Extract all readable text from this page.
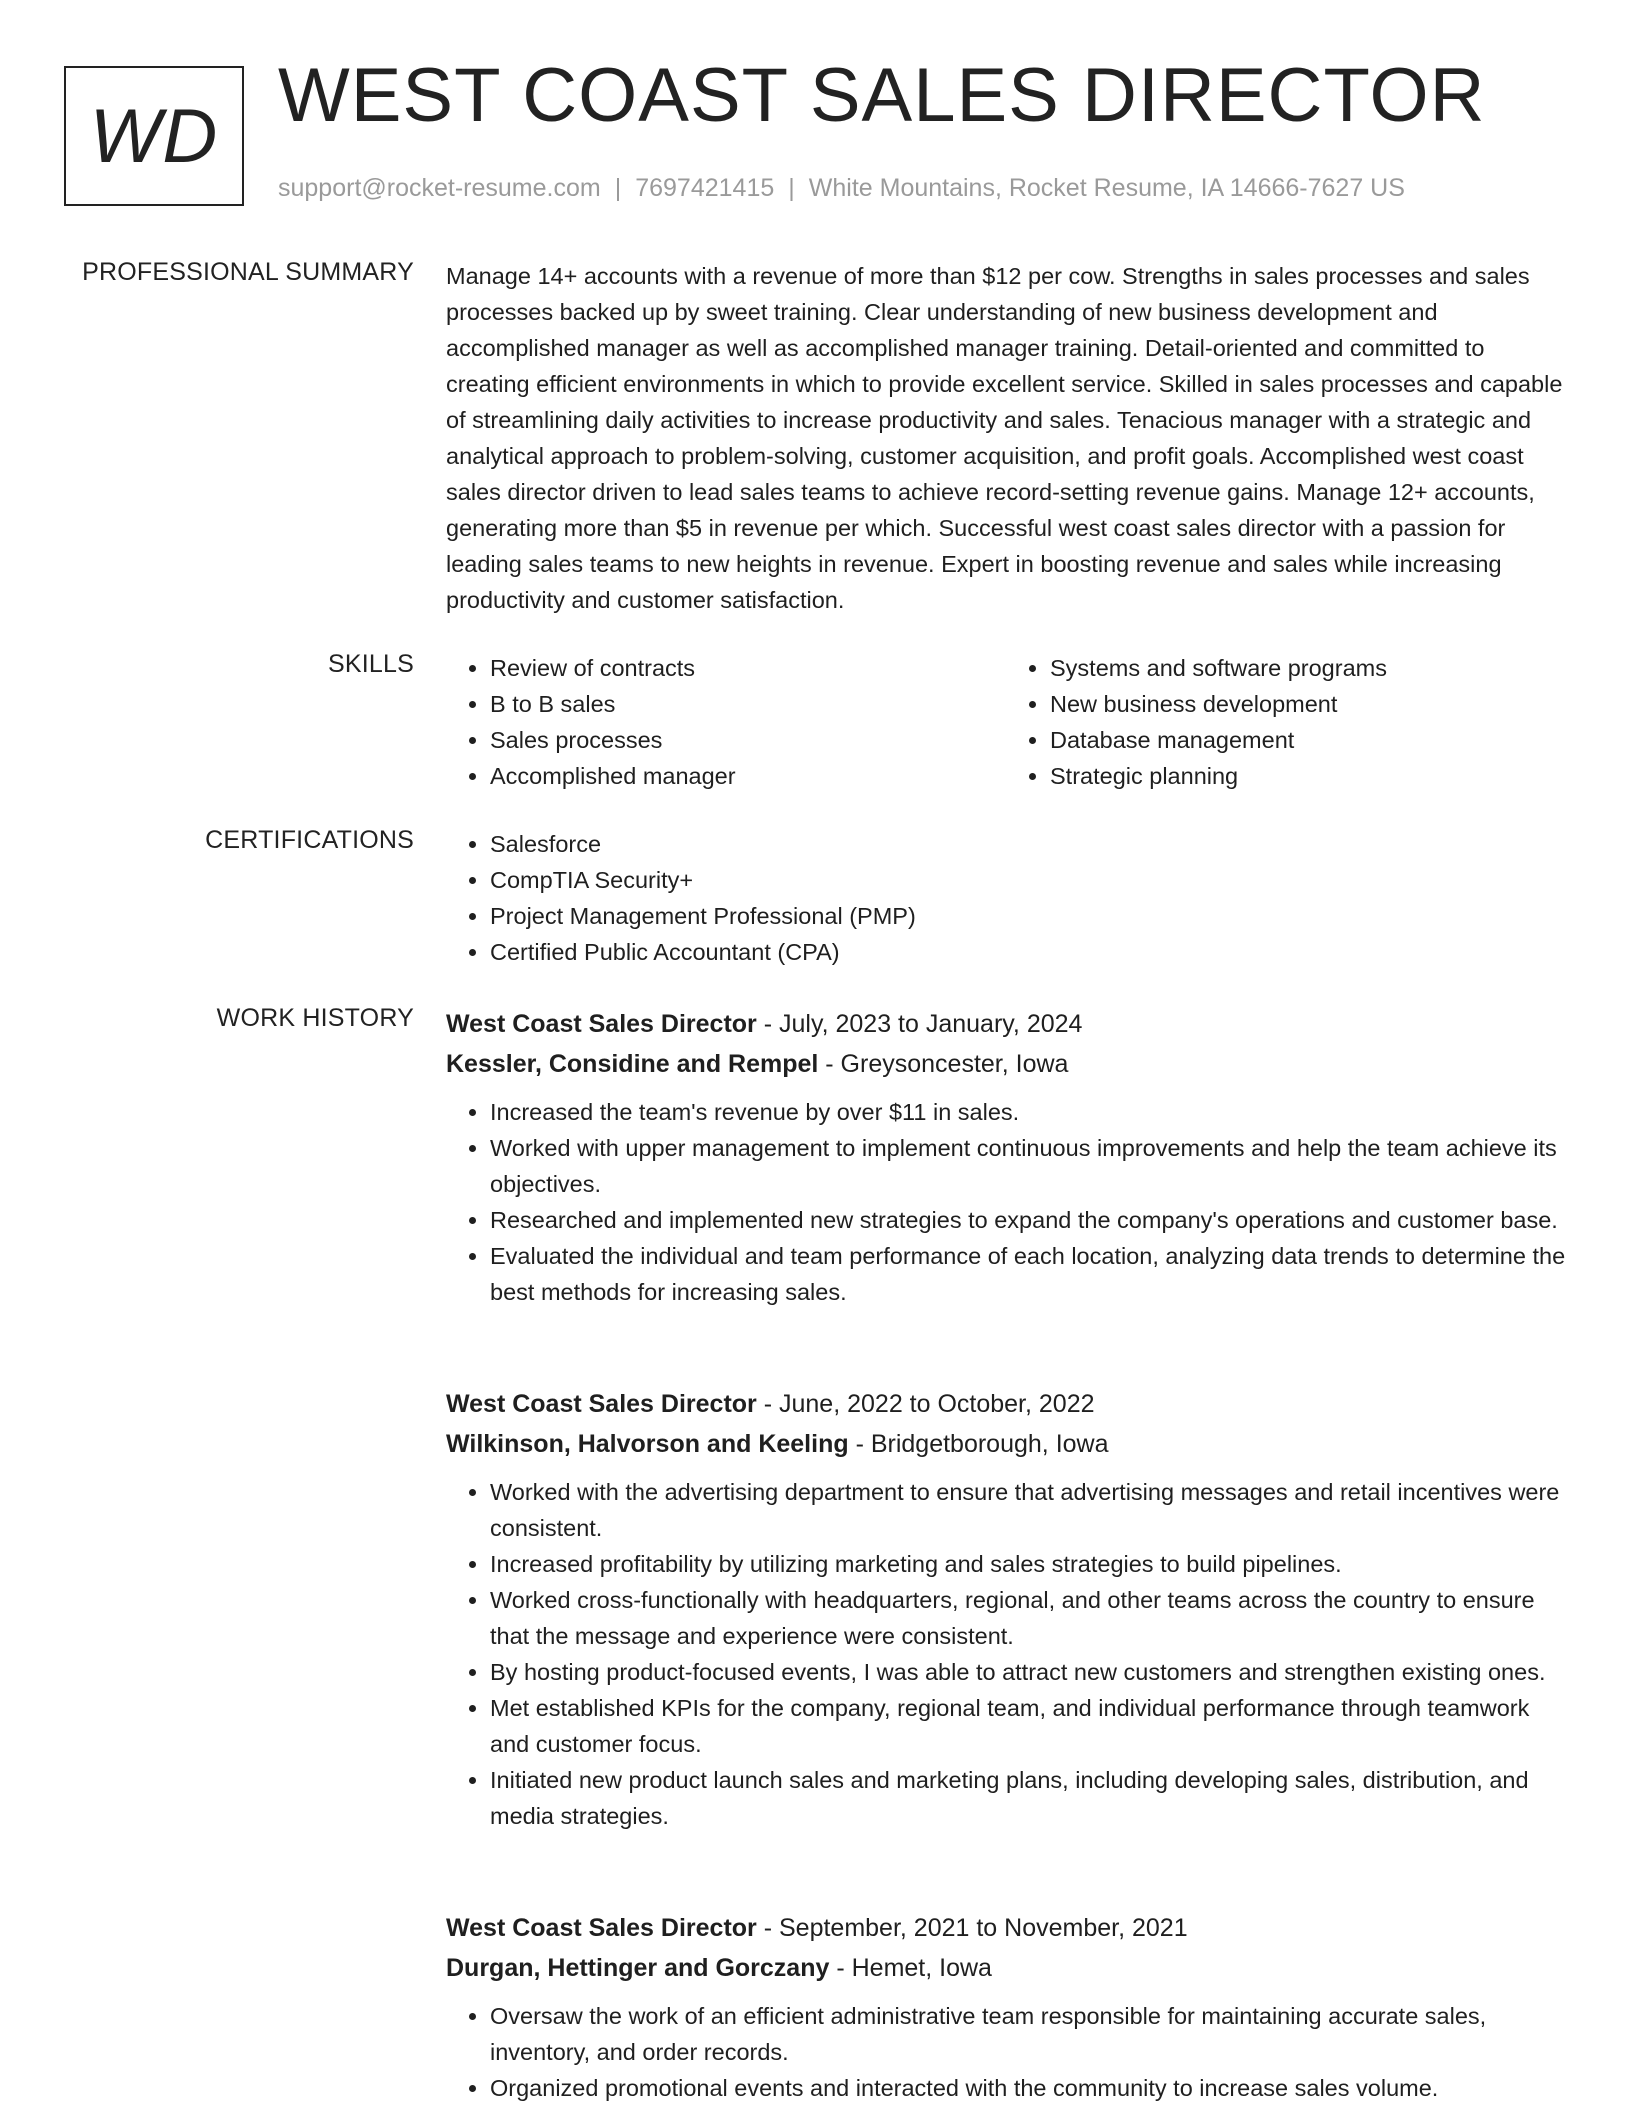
WD WEST COAST SALES DIRECTOR
support@rocket-resume.com | 7697421415 | White Mountains, Rocket Resume, IA 14666-7627 US
PROFESSIONAL SUMMARY Manage 14+ accounts with a revenue of more than $12 per cow. Strengths in sales processes and sales processes backed up by sweet training. Clear understanding of new business development and accomplished manager as well as accomplished manager training. Detail-oriented and committed to creating efficient environments in which to provide excellent service. Skilled in sales processes and capable of streamlining daily activities to increase productivity and sales. Tenacious manager with a strategic and analytical approach to problem-solving, customer acquisition, and profit goals. Accomplished west coast sales director driven to lead sales teams to achieve record-setting revenue gains. Manage 12+ accounts, generating more than $5 in revenue per which. Successful west coast sales director with a passion for leading sales teams to new heights in revenue. Expert in boosting revenue and sales while increasing productivity and customer satisfaction.

SKILLS	• Review of contracts
• B to B sales
• Sales processes
• Accomplished manager
• Systems and software programs
• New business development
• Database management
• Strategic planning
CERTIFICATIONS	• Salesforce
• CompTIA Security+
• Project Management Professional (PMP)
• Certified Public Accountant (CPA)
WORK HISTORY West Coast Sales Director - July, 2023 to January, 2024
Kessler, Considine and Rempel - Greysoncester, Iowa
• Increased the team's revenue by over $11 in sales.
• Worked with upper management to implement continuous improvements and help the team achieve its objectives.
• Researched and implemented new strategies to expand the company's operations and customer base.
• Evaluated the individual and team performance of each location, analyzing data trends to determine the best methods for increasing sales.
West Coast Sales Director - June, 2022 to October, 2022
Wilkinson, Halvorson and Keeling - Bridgetborough, Iowa
• Worked with the advertising department to ensure that advertising messages and retail incentives were consistent.
• Increased profitability by utilizing marketing and sales strategies to build pipelines.
• Worked cross-functionally with headquarters, regional, and other teams across the country to ensure that the message and experience were consistent.
• By hosting product-focused events, I was able to attract new customers and strengthen existing ones.
• Met established KPIs for the company, regional team, and individual performance through teamwork and customer focus.
• Initiated new product launch sales and marketing plans, including developing sales, distribution, and media strategies.
West Coast Sales Director - September, 2021 to November, 2021
Durgan, Hettinger and Gorczany - Hemet, Iowa
• Oversaw the work of an efficient administrative team responsible for maintaining accurate sales, inventory, and order records.
• Organized promotional events and interacted with the community to increase sales volume.
